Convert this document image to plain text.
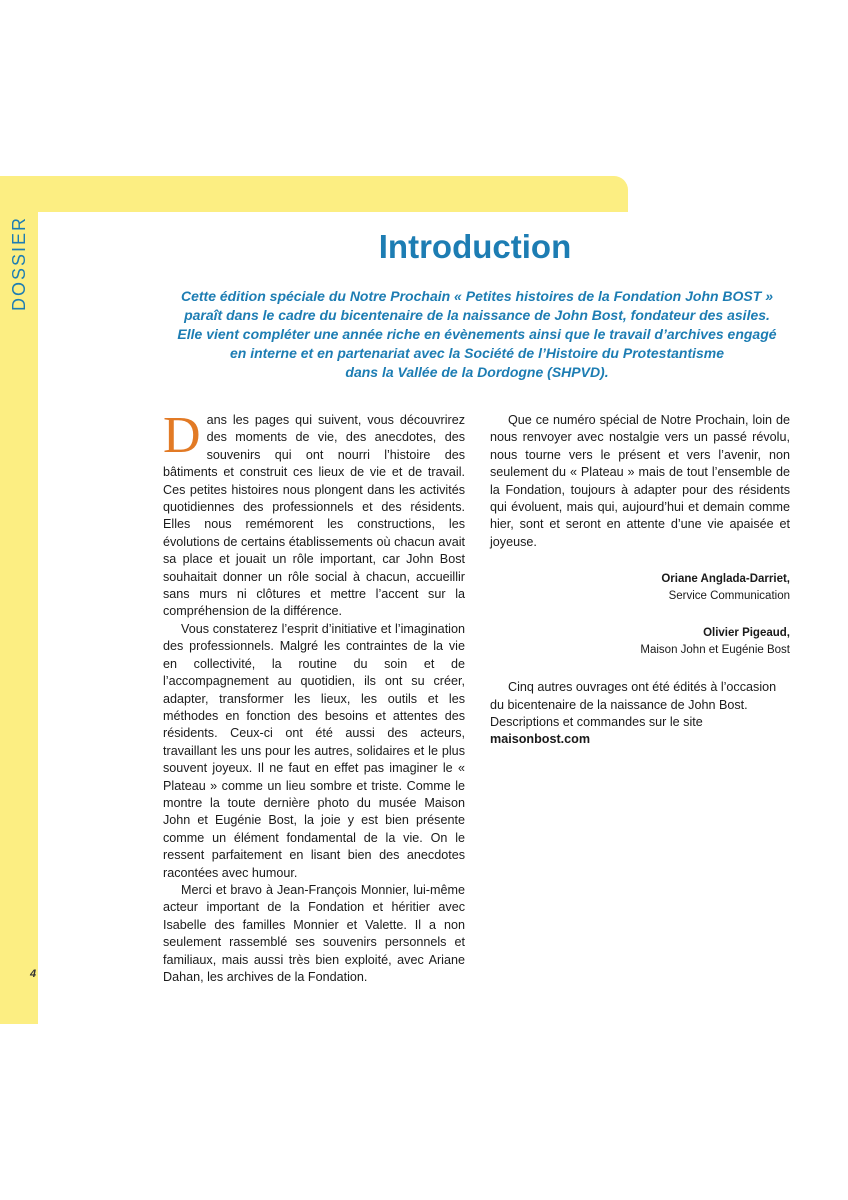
DOSSIER
4
Introduction
Cette édition spéciale du Notre Prochain « Petites histoires de la Fondation John BOST »
paraît dans le cadre du bicentenaire de la naissance de John Bost, fondateur des asiles.
Elle vient compléter une année riche en évènements ainsi que le travail d’archives engagé
en interne et en partenariat avec la Société de l’Histoire du Protestantisme
dans la Vallée de la Dordogne (SHPVD).

Dans les pages qui suivent, vous découvrirez des moments de vie, des anecdotes, des souvenirs qui ont nourri l’histoire des bâtiments et construit ces lieux de vie et de travail. Ces petites histoires nous plongent dans les activités quotidiennes des professionnels et des résidents. Elles nous remémorent les constructions, les évolutions de certains établissements où chacun avait sa place et jouait un rôle important, car John Bost souhaitait donner un rôle social à chacun, accueillir sans murs ni clôtures et mettre l’accent sur la compréhension de la différence.

Vous constaterez l’esprit d’initiative et l’imagination des professionnels. Malgré les contraintes de la vie en collectivité, la routine du soin et de l’accompagnement au quotidien, ils ont su créer, adapter, transformer les lieux, les outils et les méthodes en fonction des besoins et attentes des résidents. Ceux-ci ont été aussi des acteurs, travaillant les uns pour les autres, solidaires et le plus souvent joyeux. Il ne faut en effet pas imaginer le « Plateau » comme un lieu sombre et triste. Comme le montre la toute dernière photo du musée Maison John et Eugénie Bost, la joie y est bien présente comme un élément fondamental de la vie. On le ressent parfaitement en lisant bien des anecdotes racontées avec humour.

Merci et bravo à Jean-François Monnier, lui-même acteur important de la Fondation et héritier avec Isabelle des familles Monnier et Valette. Il a non seulement rassemblé ses souvenirs personnels et familiaux, mais aussi très bien exploité, avec Ariane Dahan, les archives de la Fondation.

Que ce numéro spécial de Notre Prochain, loin de nous renvoyer avec nostalgie vers un passé révolu, nous tourne vers le présent et vers l’avenir, non seulement du « Plateau » mais de tout l’ensemble de la Fondation, toujours à adapter pour des résidents qui évoluent, mais qui, aujourd’hui et demain comme hier, sont et seront en attente d’une vie apaisée et joyeuse.

Oriane Anglada-Darriet,
Service Communication

Olivier Pigeaud,
Maison John et Eugénie Bost

Cinq autres ouvrages ont été édités à l’occasion du bicentenaire de la naissance de John Bost. Descriptions et commandes sur le site maisonbost.com
